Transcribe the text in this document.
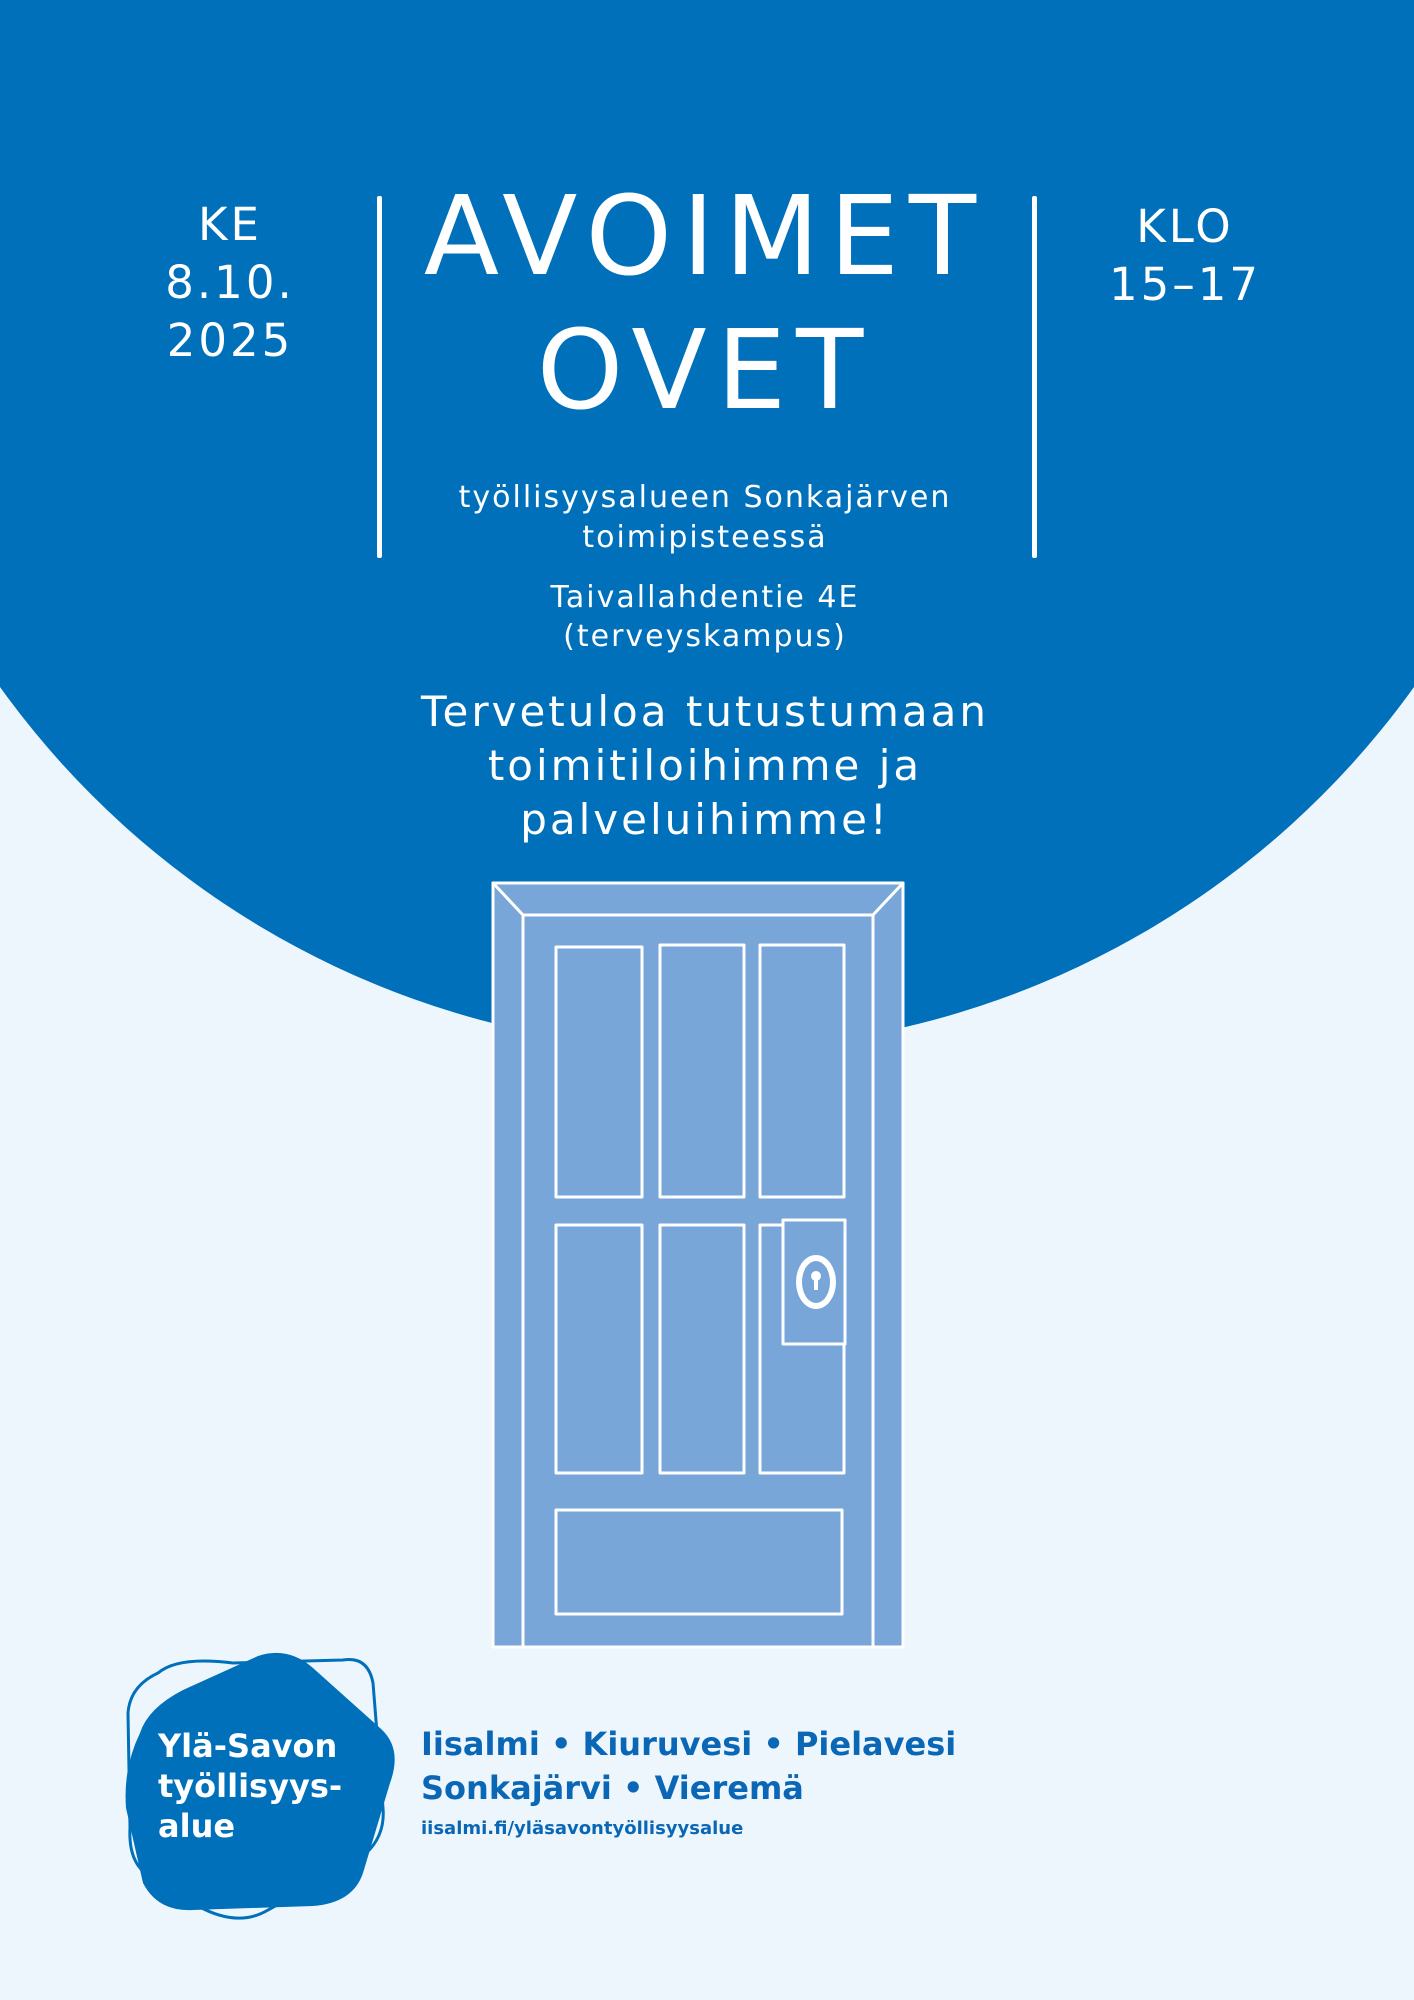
KE
8.10.
2025
KLO
15–17
AVOIMET
OVET
työllisyysalueen Sonkajärven
toimipisteessä
Taivallahdentie 4E
(terveyskampus)
Tervetuloa tutustumaan
toimitiloihimme ja
palveluihimme!
Ylä-Savon
työllisyys-
alue
Iisalmi • Kiuruvesi • Pielavesi
Sonkajärvi • Vieremä
iisalmi.fi/yläsavontyöllisyysalue
